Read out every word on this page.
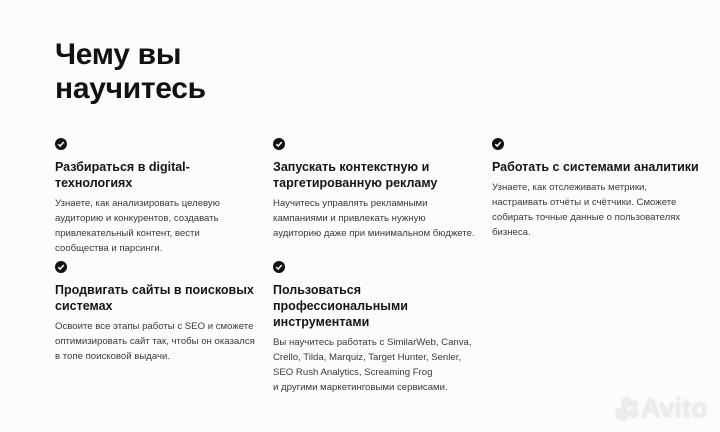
Чему вы
научитесь
Разбираться в digital-технологиях

Узнаете, как анализировать целевую
аудиторию и конкурентов, создавать
привлекательный контент, вести
сообщества и парсинги.

Запускать контекстную и
таргетированную рекламу

Научитесь управлять рекламными
кампаниями и привлекать нужную
аудиторию даже при минимальном бюджете.

Работать с системами аналитики

Узнаете, как отслеживать метрики,
настраивать отчёты и счётчики. Сможете
собирать точные данные о пользователях
бизнеса.

Продвигать сайты в поисковых
системах

Освоите все этапы работы с SEO и сможете
оптимизировать сайт так, чтобы он оказался
в топе поисковой выдачи.

Пользоваться профессиональными
инструментами

Вы научитесь работать с SimilarWeb, Canva,
Crello, Tilda, Marquiz, Target Hunter, Senler,
SEO Rush Analytics, Screaming Frog
и другими маркетинговыми сервисами.

Avito
